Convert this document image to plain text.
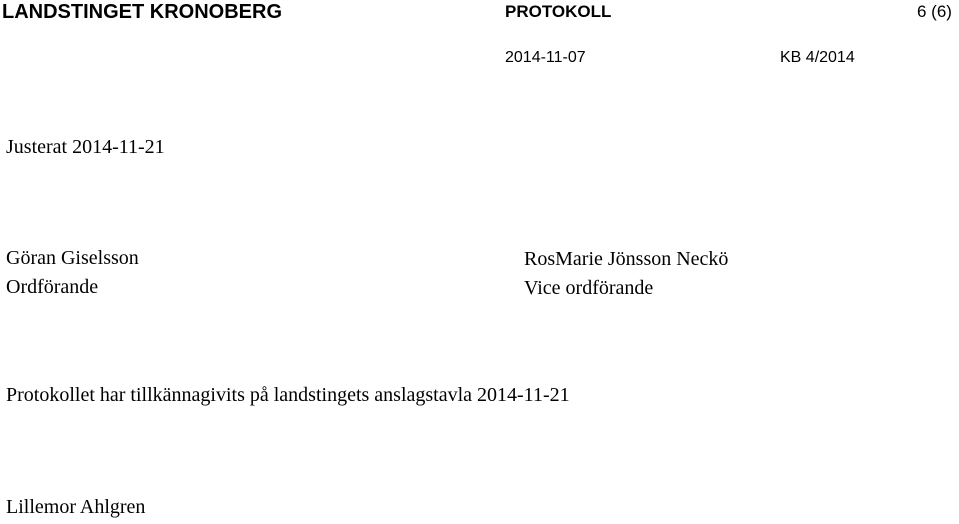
LANDSTINGET KRONOBERG	PROTOKOLL	6 (6)
2014-11-07	KB 4/2014
Justerat 2014-11-21
Göran Giselsson
Ordförande
RosMarie Jönsson Neckö
Vice ordförande
Protokollet har tillkännagivits på landstingets anslagstavla 2014-11-21
Lillemor Ahlgren
